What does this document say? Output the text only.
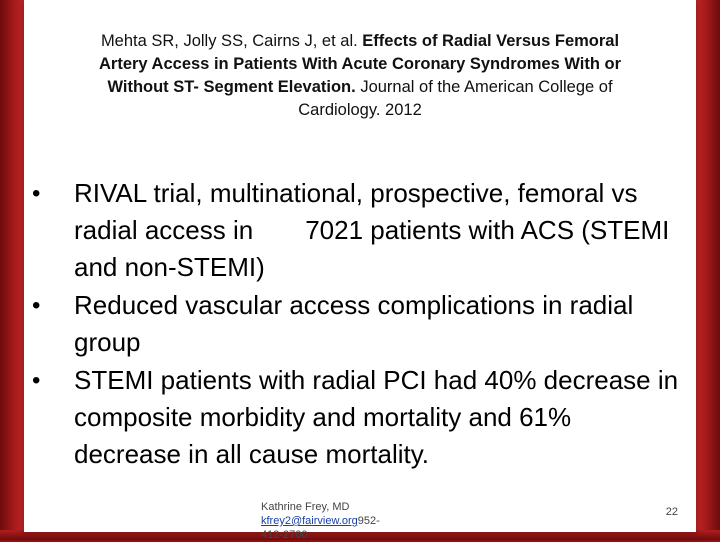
Mehta SR, Jolly SS, Cairns J, et al. Effects of Radial Versus Femoral Artery Access in Patients With Acute Coronary Syndromes With or Without ST- Segment Elevation. Journal of the American College of Cardiology. 2012
• RIVAL trial, multinational, prospective, femoral vs radial access in  7021 patients with ACS (STEMI and non-STEMI)
• Reduced vascular access complications in radial group
• STEMI patients with radial PCI had 40% decrease in composite morbidity and mortality and 61% decrease in all cause mortality.
Kathrine Frey, MD
kfrey2@fairview.org952-
412-2700
22
